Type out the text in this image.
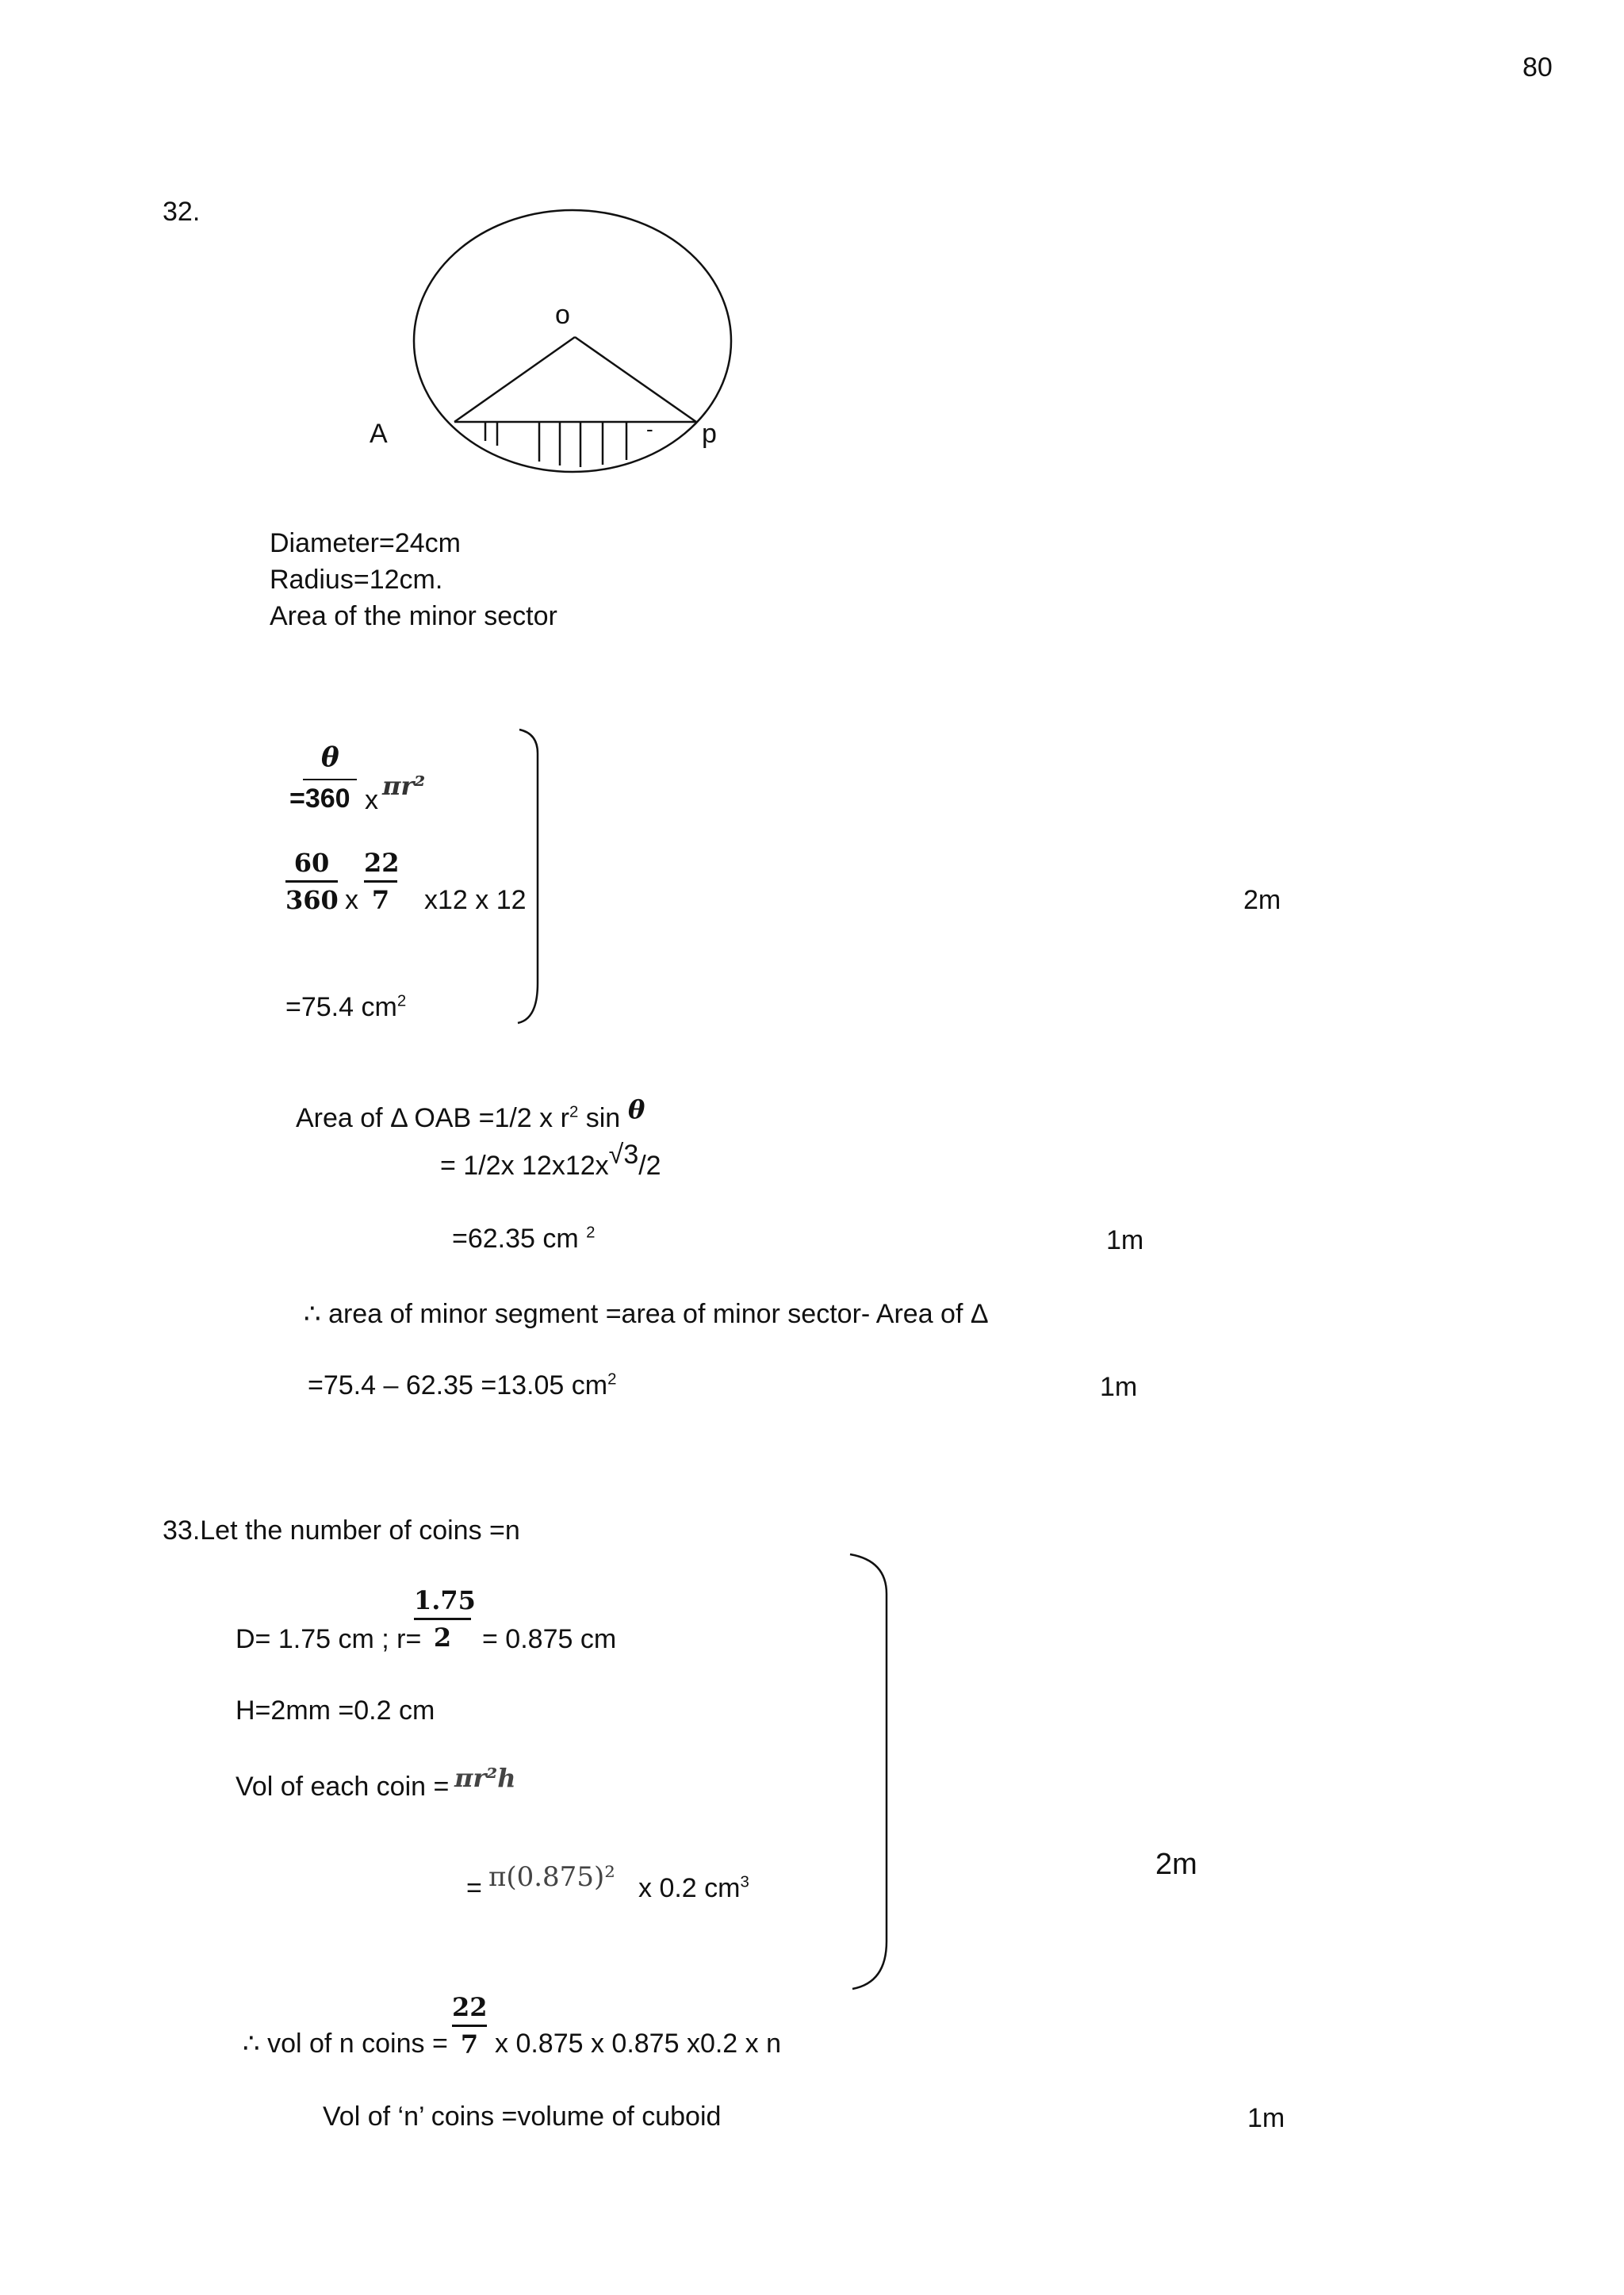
80
32.
o
A	p
-
Diameter=24cm
Radius=12cm.
Area of the minor sector
θ
=360 x πr²
60
360 x
22
7 x12 x 12	2m
=75.4 $cm^2$
Area of Δ OAB =1/2 x $r^2$ sin θ
= 1/2x 12x12x√3/2
=62.35 cm $^2$	1m
∴ area of minor segment =area of minor sector- Area of Δ
=75.4 – 62.35 =13.05 $cm^2$	1m
33.Let the number of coins =n
1.75
2
D= 1.75 cm ; r= = 0.875 cm
H=2mm =0.2 cm
Vol of each coin = πr²h
= π(0.875)² x 0.2 $cm^3$
2m
22
7
∴ vol of n coins = x 0.875 x 0.875 x0.2 x n
Vol of ‘n’ coins =volume of cuboid	1m
